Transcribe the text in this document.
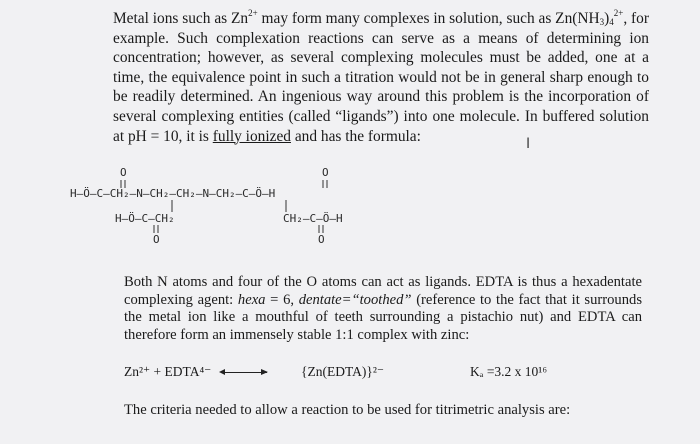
Metal ions such as $Zn^{2+}$ may form many complexes in solution, such as $Zn(NH_3)_4^{2+}$, for example. Such complexation reactions can serve as a means of determining ion concentration; however, as several complexing molecules must be added, one at a time, the equivalence point in such a titration would not be in general sharp enough to be readily determined. An ingenious way around this problem is the incorporation of several complexing entities (called “ligands”) into one molecule. In buffered solution at pH = 10, it is fully ionized and has the formula:	I
H–Ö–C–CH₂–N–CH₂–CH₂–N–CH₂–C–Ö–H
H–Ö–C–CH₂	CH₂–C–Ö–H
O	O
O	O
Both N atoms and four of the O atoms can act as ligands. EDTA is thus a hexadentate complexing agent: hexa = 6, dentate=“toothed” (reference to the fact that it surrounds the metal ion like a mouthful of teeth surrounding a pistachio nut) and EDTA can therefore form an immensely stable 1:1 complex with zinc:
Zn²⁺ + EDTA⁴⁻	{Zn(EDTA)}²⁻	Kₐ =3.2 x 10¹⁶
The criteria needed to allow a reaction to be used for titrimetric analysis are:
